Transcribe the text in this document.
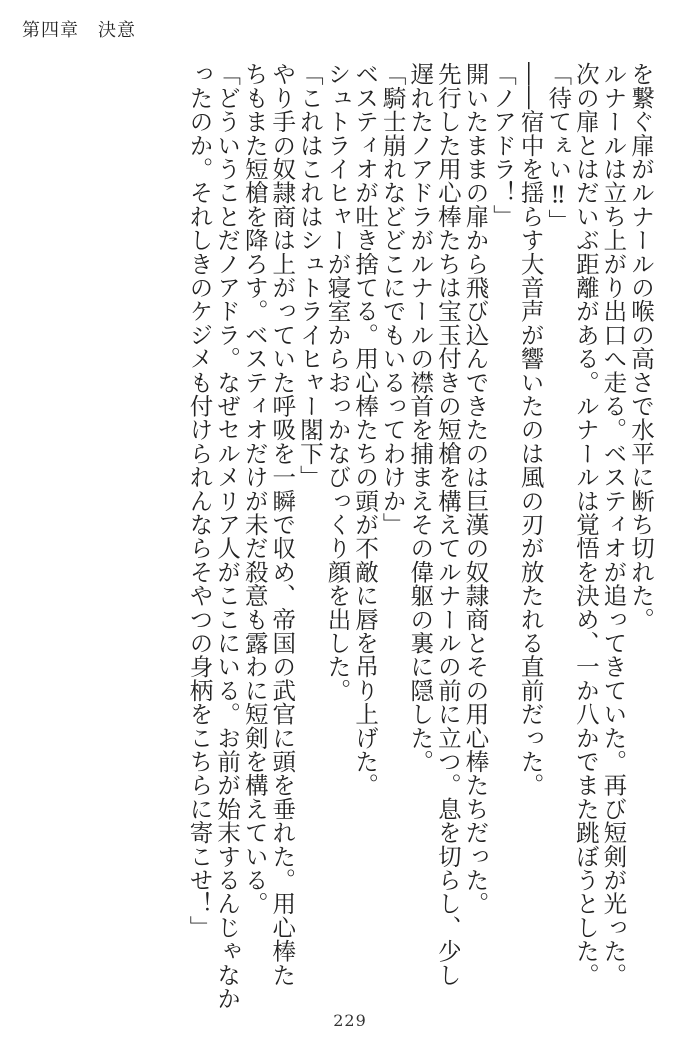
第四章　決意
を繋ぐ扉がルナールの喉の高さで水平に断ち切れた。
ルナールは立ち上がり出口へ走る。ベスティオが追ってきていた。再び短剣が光った。
次の扉とはだいぶ距離がある。ルナールは覚悟を決め、一か八かでまた跳ぼうとした。
「待てぇい‼」
――宿中を揺らす大音声が響いたのは風の刃が放たれる直前だった。
「ノアドラ！」
開いたままの扉から飛び込んできたのは巨漢の奴隷商とその用心棒たちだった。
先行した用心棒たちは宝玉付きの短槍を構えてルナールの前に立つ。息を切らし、少し
遅れたノアドラがルナールの襟首を捕まえその偉躯の裏に隠した。
「騎士崩れなどどこにでもいるってわけか」
ベスティオが吐き捨てる。用心棒たちの頭が不敵に唇を吊り上げた。
シュトライヒャーが寝室からおっかなびっくり顔を出した。
「これはこれはシュトライヒャー閣下」
やり手の奴隷商は上がっていた呼吸を一瞬で収め、帝国の武官に頭を垂れた。用心棒た
ちもまた短槍を降ろす。ベスティオだけが未だ殺意も露わに短剣を構えている。
「どういうことだノアドラ。なぜセルメリア人がここにいる。お前が始末するんじゃなか
ったのか。それしきのケジメも付けられんならそやつの身柄をこちらに寄こせ！」
229
